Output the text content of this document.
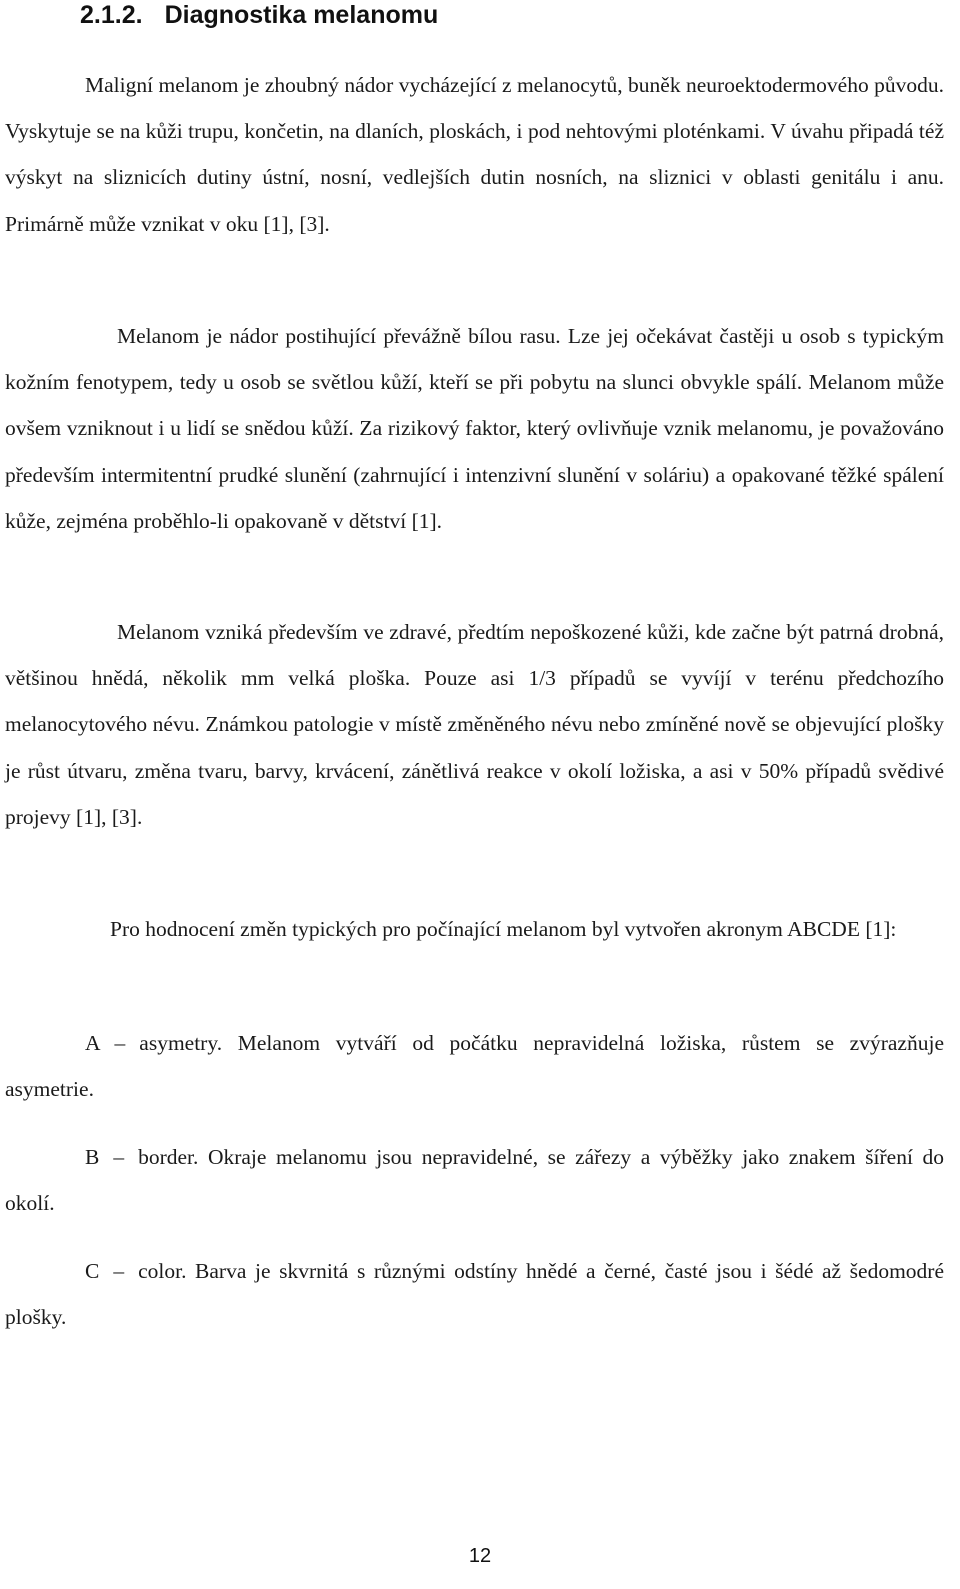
2.1.2. Diagnostika melanomu

Maligní melanom je zhoubný nádor vycházející z melanocytů, buněk neuroektodermového původu. Vyskytuje se na kůži trupu, končetin, na dlaních, ploskách, i pod nehtovými ploténkami. V úvahu připadá též výskyt na sliznicích dutiny ústní, nosní, vedlejších dutin nosních, na sliznici v oblasti genitálu i anu. Primárně může vznikat v oku [1], [3].

Melanom je nádor postihující převážně bílou rasu. Lze jej očekávat častěji u osob s typickým kožním fenotypem, tedy u osob se světlou kůží, kteří se při pobytu na slunci obvykle spálí. Melanom může ovšem vzniknout i u lidí se snědou kůží. Za rizikový faktor, který ovlivňuje vznik melanomu, je považováno především intermitentní prudké slunění (zahrnující i intenzivní slunění v soláriu) a opakované těžké spálení kůže, zejména proběhlo-li opakovaně v dětství [1].

Melanom vzniká především ve zdravé, předtím nepoškozené kůži, kde začne být patrná drobná, většinou hnědá, několik mm velká ploška. Pouze asi 1/3 případů se vyvíjí v terénu předchozího melanocytového névu. Známkou patologie v místě změněného névu nebo zmíněné nově se objevující plošky je růst útvaru, změna tvaru, barvy, krvácení, zánětlivá reakce v okolí ložiska, a asi v 50% případů svědivé projevy [1], [3].

Pro hodnocení změn typických pro počínající melanom byl vytvořen akronym ABCDE [1]:

A – asymetry. Melanom vytváří od počátku nepravidelná ložiska, růstem se zvýrazňuje asymetrie.

B – border. Okraje melanomu jsou nepravidelné, se zářezy a výběžky jako znakem šíření do okolí.

C – color. Barva je skvrnitá s různými odstíny hnědé a černé, časté jsou i šédé až šedomodré plošky.

12
